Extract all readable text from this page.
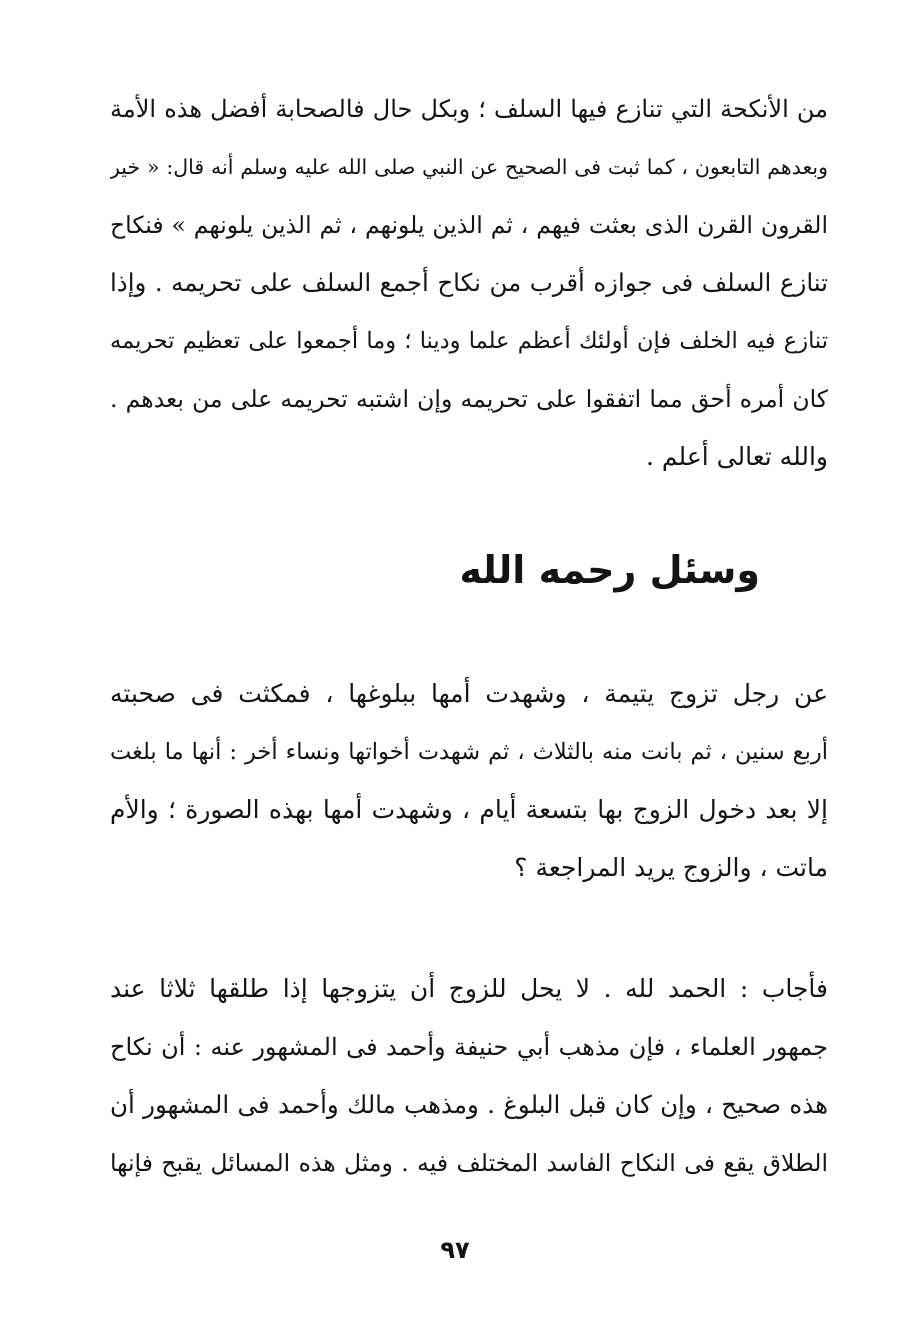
من الأنكحة التي تنازع فيها السلف ؛ وبكل حال فالصحابة أفضل هذه الأمة
وبعدهم التابعون ، كما ثبت فى الصحيح عن النبي صلى الله عليه وسلم أنه قال: « خير
القرون القرن الذى بعثت فيهم ، ثم الذين يلونهم ، ثم الذين يلونهم » فنكاح
تنازع السلف فى جوازه أقرب من نكاح أجمع السلف على تحريمه . وإذا
تنازع فيه الخلف فإن أولئك أعظم علما ودينا ؛ وما أجمعوا على تعظيم تحريمه
كان أمره أحق مما اتفقوا على تحريمه وإن اشتبه تحريمه على من بعدهم .
والله تعالى أعلم .
وسئل رحمه الله
عن رجل تزوج يتيمة ، وشهدت أمها ببلوغها ، فمكثت فى صحبته
أربع سنين ، ثم بانت منه بالثلاث ، ثم شهدت أخواتها ونساء أخر : أنها ما بلغت
إلا بعد دخول الزوج بها بتسعة أيام ، وشهدت أمها بهذه الصورة ؛ والأم
ماتت ، والزوج يريد المراجعة ؟
فأجاب : الحمد لله . لا يحل للزوج أن يتزوجها إذا طلقها ثلاثا عند
جمهور العلماء ، فإن مذهب أبي حنيفة وأحمد فى المشهور عنه : أن نكاح
هذه صحيح ، وإن كان قبل البلوغ . ومذهب مالك وأحمد فى المشهور أن
الطلاق يقع فى النكاح الفاسد المختلف فيه . ومثل هذه المسائل يقبح فإنها
٩٧
